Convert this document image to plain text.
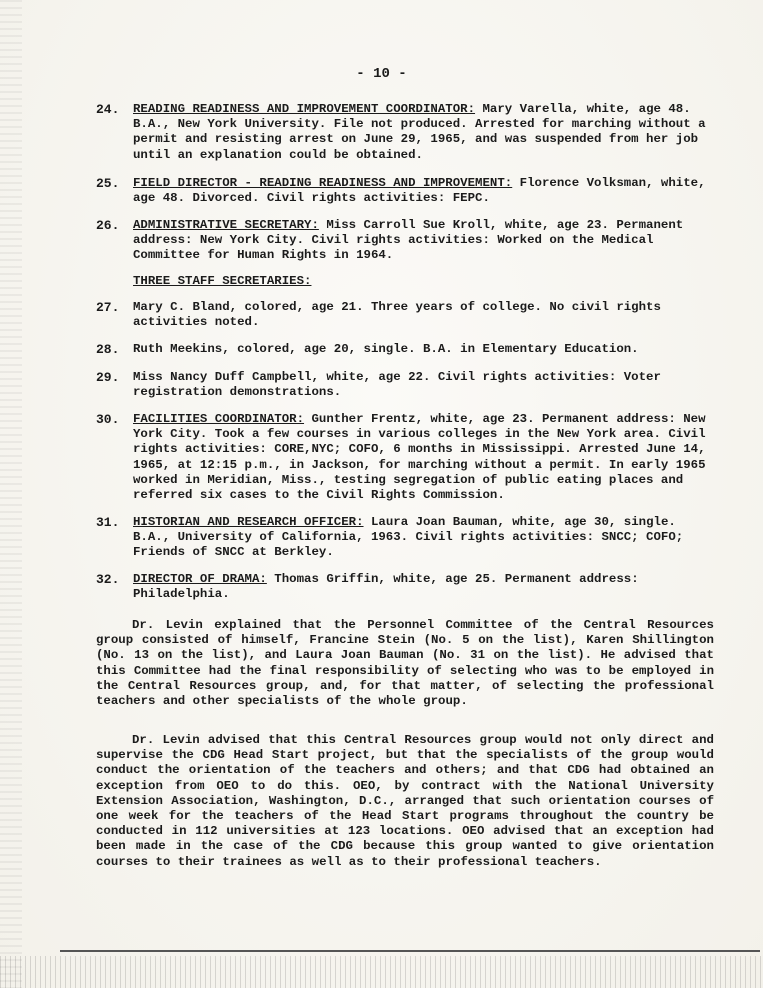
- 10 -
24. READING READINESS AND IMPROVEMENT COORDINATOR: Mary Varella, white, age 48. B.A., New York University. File not produced. Arrested for marching without a permit and resisting arrest on June 29, 1965, and was suspended from her job until an explanation could be obtained.
25. FIELD DIRECTOR - READING READINESS AND IMPROVEMENT: Florence Volksman, white, age 48. Divorced. Civil rights activities: FEPC.
26. ADMINISTRATIVE SECRETARY: Miss Carroll Sue Kroll, white, age 23. Permanent address: New York City. Civil rights activities: Worked on the Medical Committee for Human Rights in 1964.
THREE STAFF SECRETARIES:
27. Mary C. Bland, colored, age 21. Three years of college. No civil rights activities noted.
28. Ruth Meekins, colored, age 20, single. B.A. in Elementary Education.
29. Miss Nancy Duff Campbell, white, age 22. Civil rights activities: Voter registration demonstrations.
30. FACILITIES COORDINATOR: Gunther Frentz, white, age 23. Permanent address: New York City. Took a few courses in various colleges in the New York area. Civil rights activities: CORE,NYC; COFO, 6 months in Mississippi. Arrested June 14, 1965, at 12:15 p.m., in Jackson, for marching without a permit. In early 1965 worked in Meridian, Miss., testing segregation of public eating places and referred six cases to the Civil Rights Commission.
31. HISTORIAN AND RESEARCH OFFICER: Laura Joan Bauman, white, age 30, single. B.A., University of California, 1963. Civil rights activities: SNCC; COFO; Friends of SNCC at Berkley.
32. DIRECTOR OF DRAMA: Thomas Griffin, white, age 25. Permanent address: Philadelphia.
Dr. Levin explained that the Personnel Committee of the Central Resources group consisted of himself, Francine Stein (No. 5 on the list), Karen Shillington (No. 13 on the list), and Laura Joan Bauman (No. 31 on the list). He advised that this Committee had the final responsibility of selecting who was to be employed in the Central Resources group, and, for that matter, of selecting the professional teachers and other specialists of the whole group.
Dr. Levin advised that this Central Resources group would not only direct and supervise the CDG Head Start project, but that the specialists of the group would conduct the orientation of the teachers and others; and that CDG had obtained an exception from OEO to do this. OEO, by contract with the National University Extension Association, Washington, D.C., arranged that such orientation courses of one week for the teachers of the Head Start programs throughout the country be conducted in 112 universities at 123 locations. OEO advised that an exception had been made in the case of the CDG because this group wanted to give orientation courses to their trainees as well as to their professional teachers.
